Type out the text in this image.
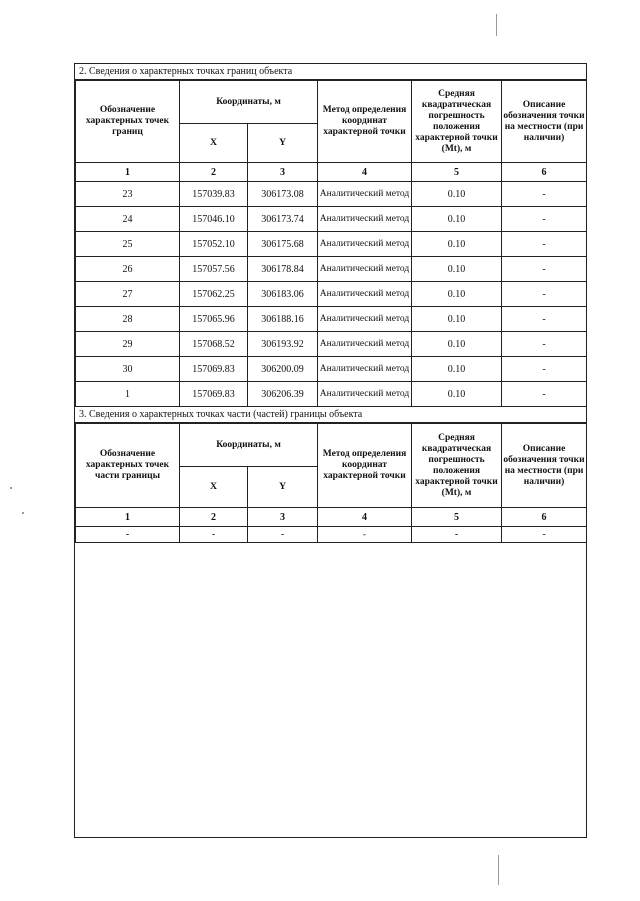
2. Сведения о характерных точках границ объекта
Обозначение характерных точек границ	Координаты, м		Метод определения координат характерной точки	Средняя квадратическая погрешность положения характерной точки (Mt), м	Описание обозначения точки на местности (при наличии)
	X	Y			
1	2	3	4	5	6
23	157039.83	306173.08	Аналитический метод	0.10	-
24	157046.10	306173.74	Аналитический метод	0.10	-
25	157052.10	306175.68	Аналитический метод	0.10	-
26	157057.56	306178.84	Аналитический метод	0.10	-
27	157062.25	306183.06	Аналитический метод	0.10	-
28	157065.96	306188.16	Аналитический метод	0.10	-
29	157068.52	306193.92	Аналитический метод	0.10	-
30	157069.83	306200.09	Аналитический метод	0.10	-
1	157069.83	306206.39	Аналитический метод	0.10	-
3. Сведения о характерных точках части (частей) границы объекта
Обозначение характерных точек части границы	Координаты, м		Метод определения координат характерной точки	Средняя квадратическая погрешность положения характерной точки (Mt), м	Описание обозначения точки на местности (при наличии)
	X	Y			
1	2	3	4	5	6
-	-	-	-	-	-
